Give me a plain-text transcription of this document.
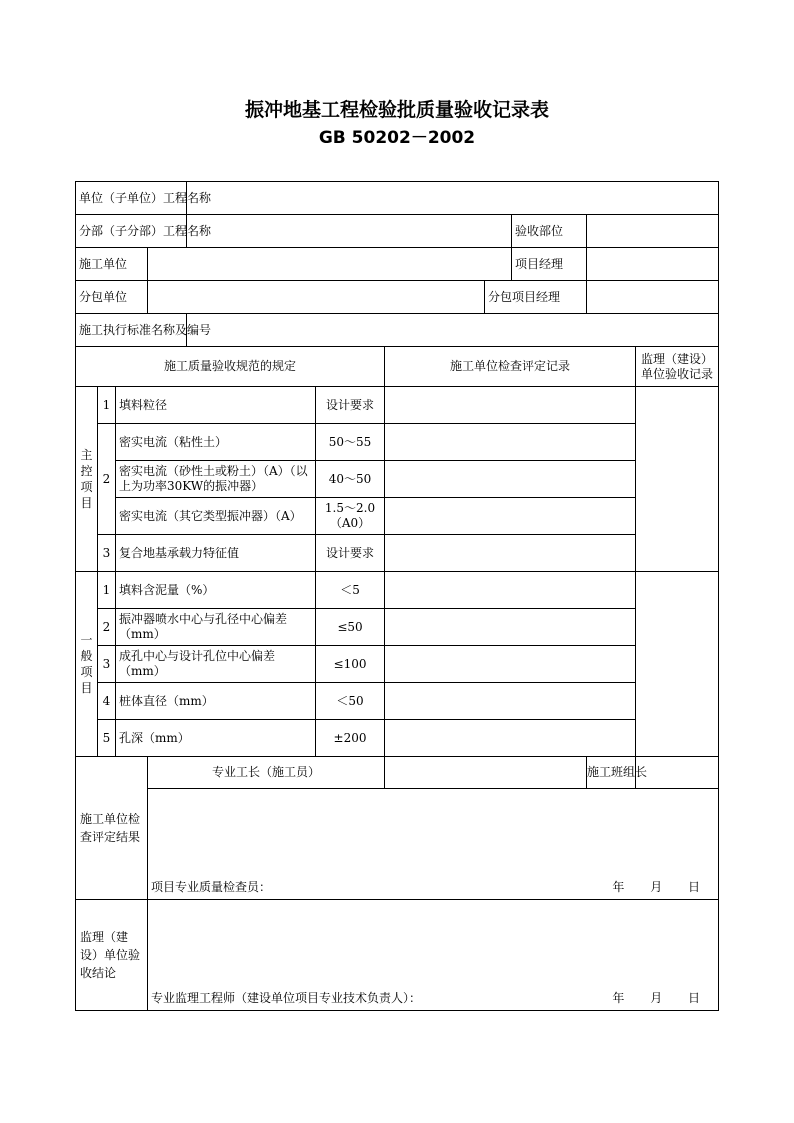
振冲地基工程检验批质量验收记录表
GB 50202－2002
单位（子单位）工程名称	
分部（子分部）工程名称		验收部位	
施工单位		项目经理	
分包单位		分包项目经理	
施工执行标准名称及编号	
施工质量验收规范的规定	施工单位检查评定记录	监理（建设）单位验收记录
主控项目	1	填料粒径	设计要求		
2	密实电流（粘性土）	50～55	

密实电流（砂性土或粉土）（A）（以上为功率30KW的振冲器）	40～50	

密实电流（其它类型振冲器）（A）	1.5～2.0（A0）	

3	复合地基承载力特征值	设计要求	
一般项目	1	填料含泥量（%）	＜5	

2	振冲器喷水中心与孔径中心偏差（mm）	≤50	

3	成孔中心与设计孔位中心偏差（mm）	≤100	

4	桩体直径（mm）	＜50	

5	孔深（mm）	±200	

施工单位检查评定结果	专业工长（施工员）		施工班组长	

项目专业质量检查员：	年 月 日

监理（建设）单位验收结论	
专业监理工程师（建设单位项目专业技术负责人）：	年 月 日
